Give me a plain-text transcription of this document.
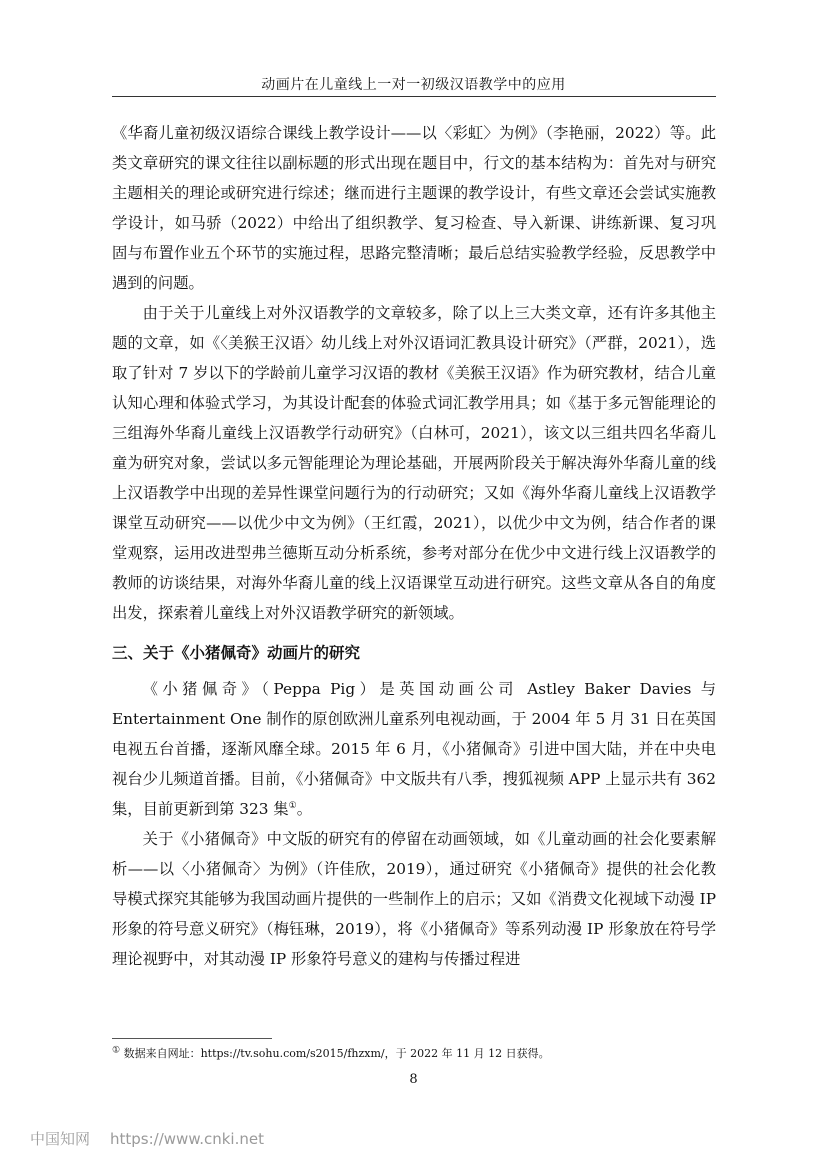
动画片在儿童线上一对一初级汉语教学中的应用

《华裔儿童初级汉语综合课线上教学设计——以〈彩虹〉为例》（李艳丽，2022）等。此类文章研究的课文往往以副标题的形式出现在题目中，行文的基本结构为：首先对与研究主题相关的理论或研究进行综述；继而进行主题课的教学设计，有些文章还会尝试实施教学设计，如马骄（2022）中给出了组织教学、复习检查、导入新课、讲练新课、复习巩固与布置作业五个环节的实施过程，思路完整清晰；最后总结实验教学经验，反思教学中遇到的问题。

由于关于儿童线上对外汉语教学的文章较多，除了以上三大类文章，还有许多其他主题的文章，如《〈美猴王汉语〉幼儿线上对外汉语词汇教具设计研究》（严群，2021），选取了针对 7 岁以下的学龄前儿童学习汉语的教材《美猴王汉语》作为研究教材，结合儿童认知心理和体验式学习，为其设计配套的体验式词汇教学用具；如《基于多元智能理论的三组海外华裔儿童线上汉语教学行动研究》（白林可，2021），该文以三组共四名华裔儿童为研究对象，尝试以多元智能理论为理论基础，开展两阶段关于解决海外华裔儿童的线上汉语教学中出现的差异性课堂问题行为的行动研究；又如《海外华裔儿童线上汉语教学课堂互动研究——以优少中文为例》（王红霞，2021），以优少中文为例，结合作者的课堂观察，运用改进型弗兰德斯互动分析系统，参考对部分在优少中文进行线上汉语教学的教师的访谈结果，对海外华裔儿童的线上汉语课堂互动进行研究。这些文章从各自的角度出发，探索着儿童线上对外汉语教学研究的新领域。

三、关于《小猪佩奇》动画片的研究

《小猪佩奇》（Peppa Pig）是英国动画公司 Astley Baker Davies 与 Entertainment One 制作的原创欧洲儿童系列电视动画，于 2004 年 5 月 31 日在英国电视五台首播，逐渐风靡全球。2015 年 6 月，《小猪佩奇》引进中国大陆，并在中央电视台少儿频道首播。目前，《小猪佩奇》中文版共有八季，搜狐视频 APP 上显示共有 362 集，目前更新到第 323 集①。

关于《小猪佩奇》中文版的研究有的停留在动画领域，如《儿童动画的社会化要素解析——以〈小猪佩奇〉为例》（许佳欣，2019），通过研究《小猪佩奇》提供的社会化教导模式探究其能够为我国动画片提供的一些制作上的启示；又如《消费文化视域下动漫 IP 形象的符号意义研究》（梅钰琳，2019），将《小猪佩奇》等系列动漫 IP 形象放在符号学理论视野中，对其动漫 IP 形象符号意义的建构与传播过程进

① 数据来自网址：https://tv.sohu.com/s2015/fhzxm/，于 2022 年 11 月 12 日获得。
8
中国知网 https://www.cnki.net
